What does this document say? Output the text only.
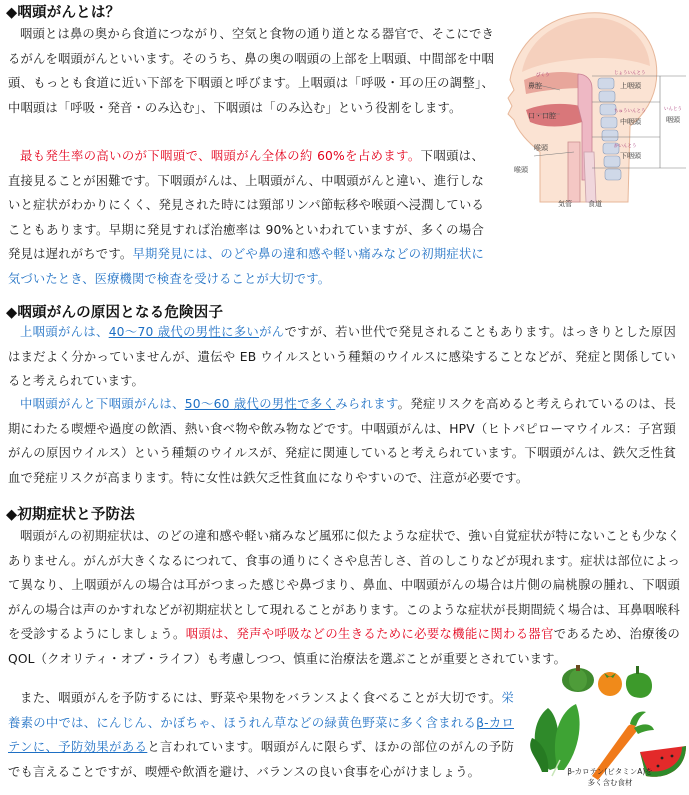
◆咽頭がんとは？

咽頭とは鼻の奥から食道につながり、空気と食物の通り道となる器官で、そこにできるがんを咽頭がんといいます。そのうち、鼻の奥の咽頭の上部を上咽頭、中間部を中咽頭、もっとも食道に近い下部を下咽頭と呼びます。上咽頭は「呼吸・耳の圧の調整」、中咽頭は「呼吸・発音・のみ込む」、下咽頭は「のみ込む」という役割をします。

最も発生率の高いのが下咽頭で、咽頭がん全体の約 60%を占めます。下咽頭は、直接見ることが困難です。下咽頭がんは、上咽頭がん、中咽頭がんと違い、進行しないと症状がわかりにくく、発見された時には頸部リンパ節転移や喉頭へ浸潤していることもあります。早期に発見すれば治癒率は 90%といわれていますが、多くの場合発見は遅れがちです。早期発見には、のどや鼻の違和感や軽い痛みなどの初期症状に気づいたとき、医療機関で検査を受けることが大切です。

びくう	じょういんとう
ちゅういんとう
かいんとう
いんとう
鼻腔
口・口腔
上咽頭
中咽頭
下咽頭
咽頭
喉頭
喉頭
気管 食道
◆咽頭がんの原因となる危険因子

上咽頭がんは、40～70 歳代の男性に多いがんですが、若い世代で発見されることもあります。はっきりとした原因はまだよく分かっていませんが、遺伝や EB ウイルスという種類のウイルスに感染することなどが、発症と関係していると考えられています。

中咽頭がんと下咽頭がんは、50～60 歳代の男性で多くみられます。発症リスクを高めると考えられているのは、長期にわたる喫煙や過度の飲酒、熱い食べ物や飲み物などです。中咽頭がんは、HPV（ヒトパピローマウイルス：子宮頸がんの原因ウイルス）という種類のウイルスが、発症に関連していると考えられています。下咽頭がんは、鉄欠乏性貧血で発症リスクが高まります。特に女性は鉄欠乏性貧血になりやすいので、注意が必要です。

◆初期症状と予防法

咽頭がんの初期症状は、のどの違和感や軽い痛みなど風邪に似たような症状で、強い自覚症状が特にないことも少なくありません。がんが大きくなるにつれて、食事の通りにくさや息苦しさ、首のしこりなどが現れます。症状は部位によって異なり、上咽頭がんの場合は耳がつまった感じや鼻づまり、鼻血、中咽頭がんの場合は片側の扁桃腺の腫れ、下咽頭がんの場合は声のかすれなどが初期症状として現れることがあります。このような症状が長期間続く場合は、耳鼻咽喉科を受診するようにしましょう。咽頭は、発声や呼吸などの生きるために必要な機能に関わる器官であるため、治療後の QOL（クオリティ・オブ・ライフ）も考慮しつつ、慎重に治療法を選ぶことが重要とされています。

また、咽頭がんを予防するには、野菜や果物をバランスよく食べることが大切です。栄養素の中では、にんじん、かぼちゃ、ほうれん草などの緑黄色野菜に多く含まれるβ-カロテンに、予防効果があると言われています。咽頭がんに限らず、ほかの部位のがんの予防でも言えることですが、喫煙や飲酒を避け、バランスの良い食事を心がけましょう。	β-カロテン(ビタミンA)を
多く含む食材
